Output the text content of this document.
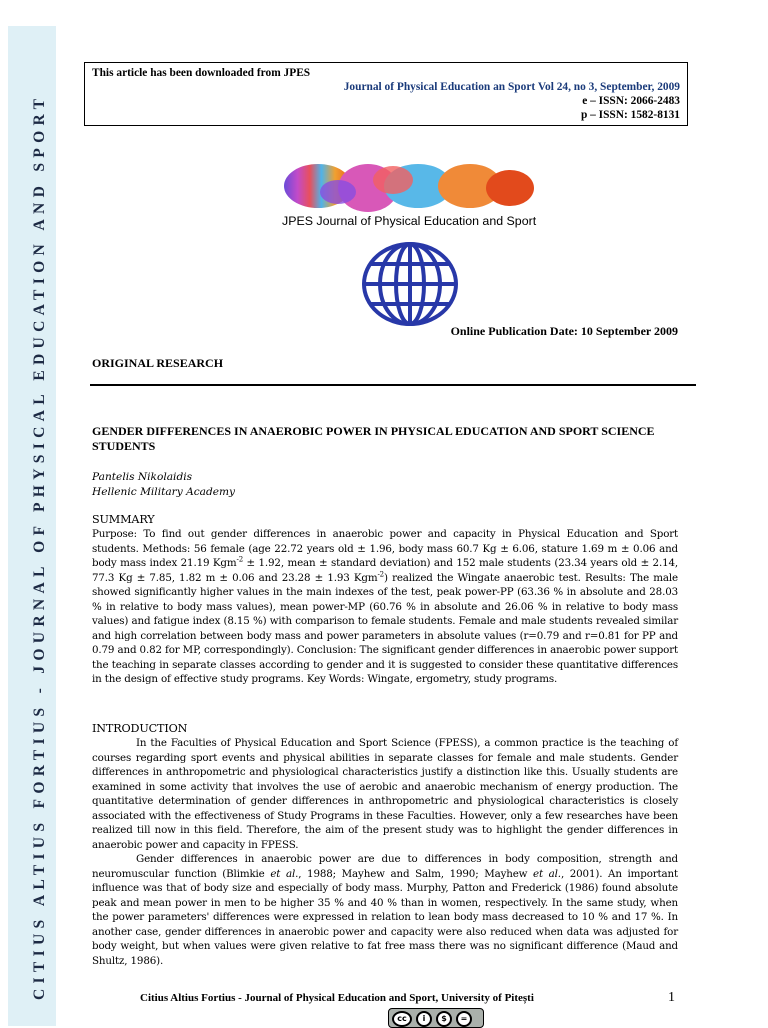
CITIUS ALTIUS FORTIUS - JOURNAL OF PHYSICAL EDUCATION AND SPORT
This article has been downloaded from JPES
Journal of Physical Education an Sport Vol 24, no 3, September, 2009
e – ISSN: 2066-2483
p – ISSN: 1582-8131
JPES Journal of Physical Education and Sport
Online Publication Date: 10 September 2009
ORIGINAL RESEARCH
GENDER DIFFERENCES IN ANAEROBIC POWER IN PHYSICAL EDUCATION AND SPORT SCIENCE STUDENTS
Pantelis Nikolaidis
Hellenic Military Academy
SUMMARY

Purpose: To find out gender differences in anaerobic power and capacity in Physical Education and Sport students. Methods: 56 female (age 22.72 years old ± 1.96, body mass 60.7 Kg ± 6.06, stature 1.69 m ± 0.06 and body mass index 21.19 Kgm$^{-2}$ ± 1.92, mean ± standard deviation) and 152 male students (23.34 years old ± 2.14, 77.3 Kg ± 7.85, 1.82 m ± 0.06 and 23.28 ± 1.93 Kgm$^{-2}$) realized the Wingate anaerobic test. Results: The male showed significantly higher values in the main indexes of the test, peak power-PP (63.36 % in absolute and 28.03 % in relative to body mass values), mean power-MP (60.76 % in absolute and 26.06 % in relative to body mass values) and fatigue index (8.15 %) with comparison to female students. Female and male students revealed similar and high correlation between body mass and power parameters in absolute values (r=0.79 and r=0.81 for PP and 0.79 and 0.82 for MP, correspondingly). Conclusion: The significant gender differences in anaerobic power support the teaching in separate classes according to gender and it is suggested to consider these quantitative differences in the design of effective study programs. Key Words: Wingate, ergometry, study programs.

INTRODUCTION

In the Faculties of Physical Education and Sport Science (FPESS), a common practice is the teaching of courses regarding sport events and physical abilities in separate classes for female and male students. Gender differences in anthropometric and physiological characteristics justify a distinction like this. Usually students are examined in some activity that involves the use of aerobic and anaerobic mechanism of energy production. The quantitative determination of gender differences in anthropometric and physiological characteristics is closely associated with the effectiveness of Study Programs in these Faculties. However, only a few researches have been realized till now in this field. Therefore, the aim of the present study was to highlight the gender differences in anaerobic power and capacity in FPESS.

Gender differences in anaerobic power are due to differences in body composition, strength and neuromuscular function (Blimkie et al., 1988; Mayhew and Salm, 1990; Mayhew et al., 2001). An important influence was that of body size and especially of body mass. Murphy, Patton and Frederick (1986) found absolute peak and mean power in men to be higher 35 % and 40 % than in women, respectively. In the same study, when the power parameters' differences were expressed in relation to lean body mass decreased to 10 % and 17 %. In another case, gender differences in anaerobic power and capacity were also reduced when data was adjusted for body weight, but when values were given relative to fat free mass there was no significant difference (Maud and Shultz, 1986).

Citius Altius Fortius - Journal of Physical Education and Sport, University of Pitești	1
cc	i	$	=
